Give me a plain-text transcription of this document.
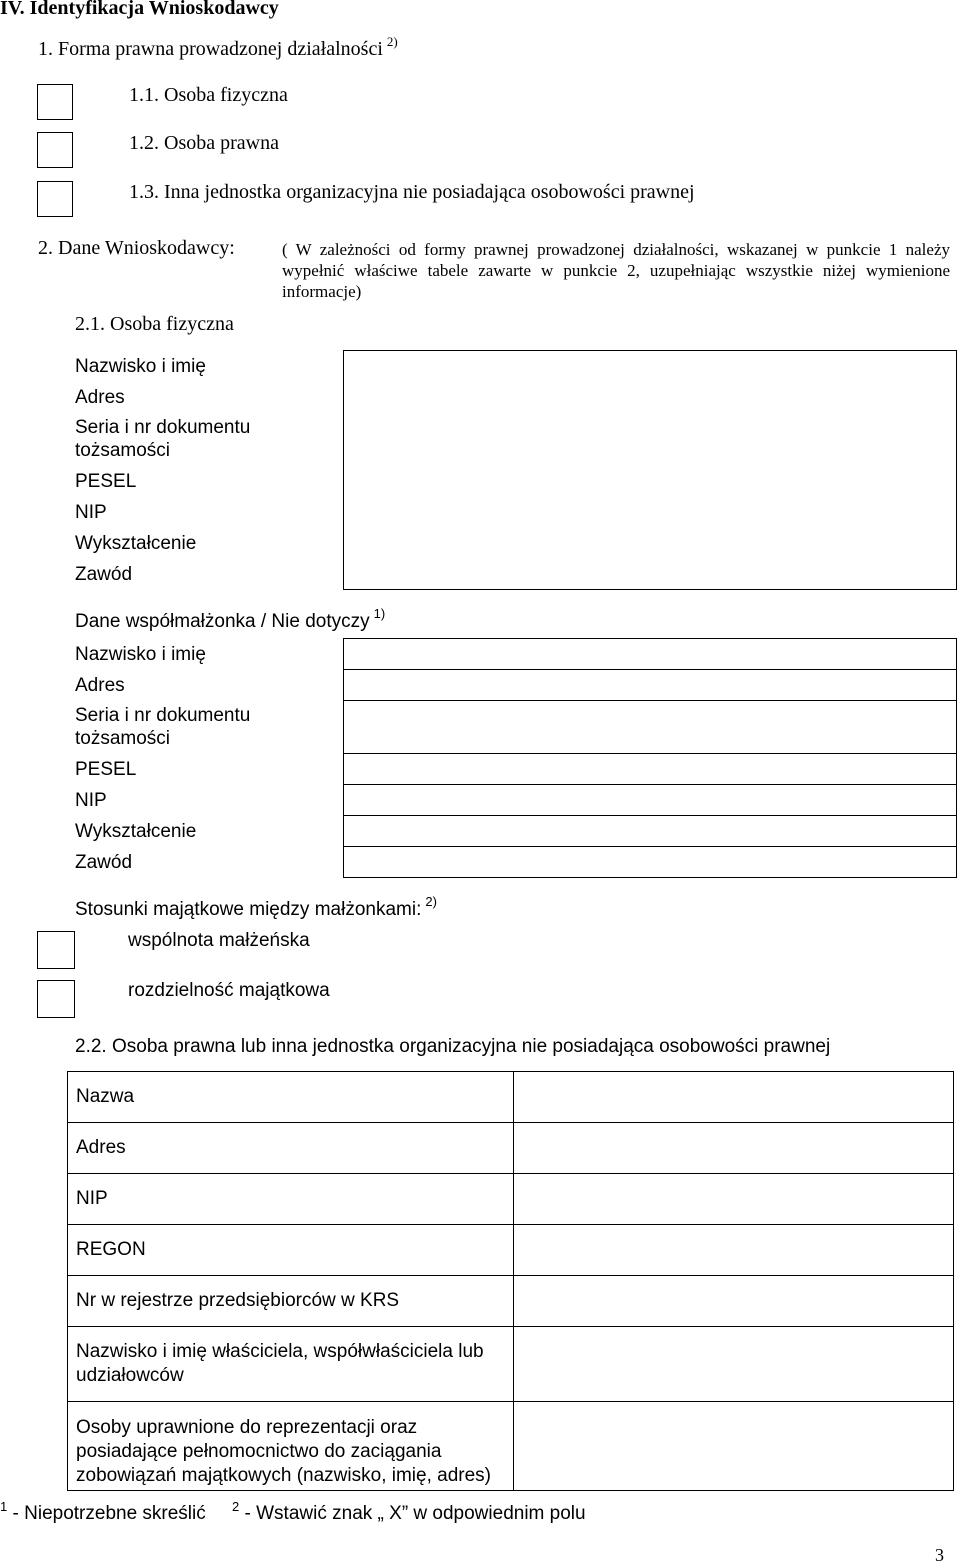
IV. Identyfikacja Wnioskodawcy
1. Forma prawna prowadzonej działalności $^{2)}$
1.1. Osoba fizyczna
1.2. Osoba prawna
1.3. Inna jednostka organizacyjna nie posiadająca osobowości prawnej
2. Dane Wnioskodawcy:	( W zależności od formy prawnej prowadzonej działalności, wskazanej w punkcie 1 należy wypełnić właściwe tabele zawarte w punkcie 2, uzupełniając wszystkie niżej wymienione informacje)
2.1. Osoba fizyczna
Nazwisko i imię	
Adres
Seria i nr dokumentu tożsamości
PESEL
NIP
Wykształcenie
Zawód
Dane współmałżonka / Nie dotyczy $^{1)}$
Nazwisko i imię	
Adres	
Seria i nr dokumentu tożsamości	
PESEL	
NIP	
Wykształcenie	
Zawód	
Stosunki majątkowe między małżonkami: $^{2)}$
wspólnota małżeńska
rozdzielność majątkowa
2.2. Osoba prawna lub inna jednostka organizacyjna nie posiadająca osobowości prawnej
Nazwa	
Adres	
NIP	
REGON	
Nr w rejestrze przedsiębiorców w KRS	
Nazwisko i imię właściciela, współwłaściciela lub udziałowców	
Osoby uprawnione do reprezentacji oraz posiadające pełnomocnictwo do zaciągania zobowiązań majątkowych (nazwisko, imię, adres)	
$^1$ - Niepotrzebne skreślić $^2$ - Wstawić znak „ X” w odpowiednim polu
3
